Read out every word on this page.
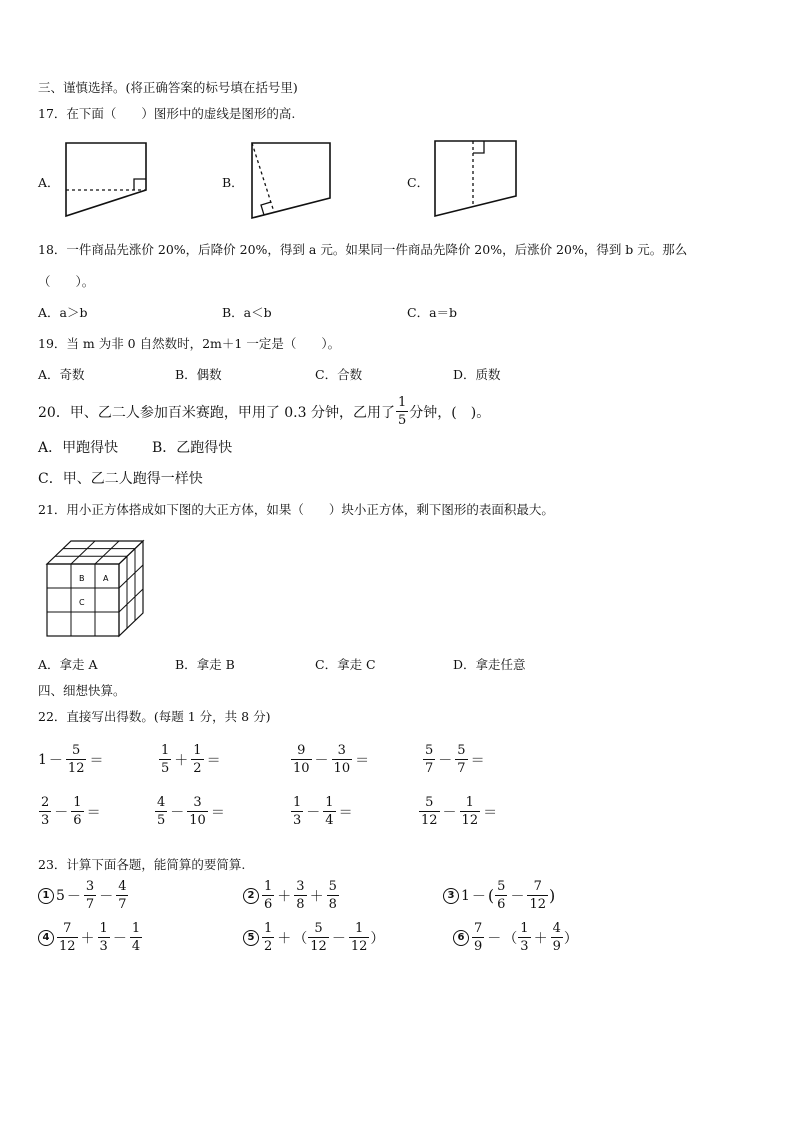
三、谨慎选择。(将正确答案的标号填在括号里)
17．在下面（　　）图形中的虚线是图形的高.
A．	B．	C．
18．一件商品先涨价 20%，后降价 20%，得到 a 元。如果同一件商品先降价 20%，后涨价 20%，得到 b 元。那么
（　　）。
A．a＞b	B．a＜b	C．a＝b
19．当 m 为非 0 自然数时，2m＋1 一定是（　　）。
A．奇数	B．偶数	C．合数	D．质数
20．甲、乙二人参加百米赛跑，甲用了 0.3 分钟，乙用了 $\frac{1}{5}$ 分钟，(　)。
A．甲跑得快 B．乙跑得快
C．甲、乙二人跑得一样快
21．用小正方体搭成如下图的大正方体，如果（　　）块小正方体，剩下图形的表面积最大。
B A
C
A．拿走 A	B．拿走 B	C．拿走 C	D．拿走任意
四、细想快算。
22．直接写出得数。(每题 1 分，共 8 分)
$1 - \frac{5}{12}$ ＝	$\frac{1}{5} + \frac{1}{2}$ ＝	$\frac{9}{10} - \frac{3}{10}$ ＝	$\frac{5}{7} - \frac{5}{7}$ ＝
$\frac{2}{3} - \frac{1}{6}$ ＝	$\frac{4}{5} - \frac{3}{10}$ ＝	$\frac{1}{3} - \frac{1}{4}$ ＝	$\frac{5}{12} - \frac{1}{12}$ ＝
23．计算下面各题，能简算的要简算.
1 $5 - \frac{3}{7} - \frac{4}{7}$	$2 \frac{1}{6} + \frac{3}{8} + \frac{5}{8}$	3 1 － ( $\frac{5}{6} - \frac{7}{12}$ )
$4 \frac{7}{12} + \frac{1}{3} - \frac{1}{4}$	$5 \frac{1}{2}$ ＋ （ $\frac{5}{12} - \frac{1}{12}$ ）	$6 \frac{7}{9}$ － （ $\frac{1}{3} + \frac{4}{9}$ ）
